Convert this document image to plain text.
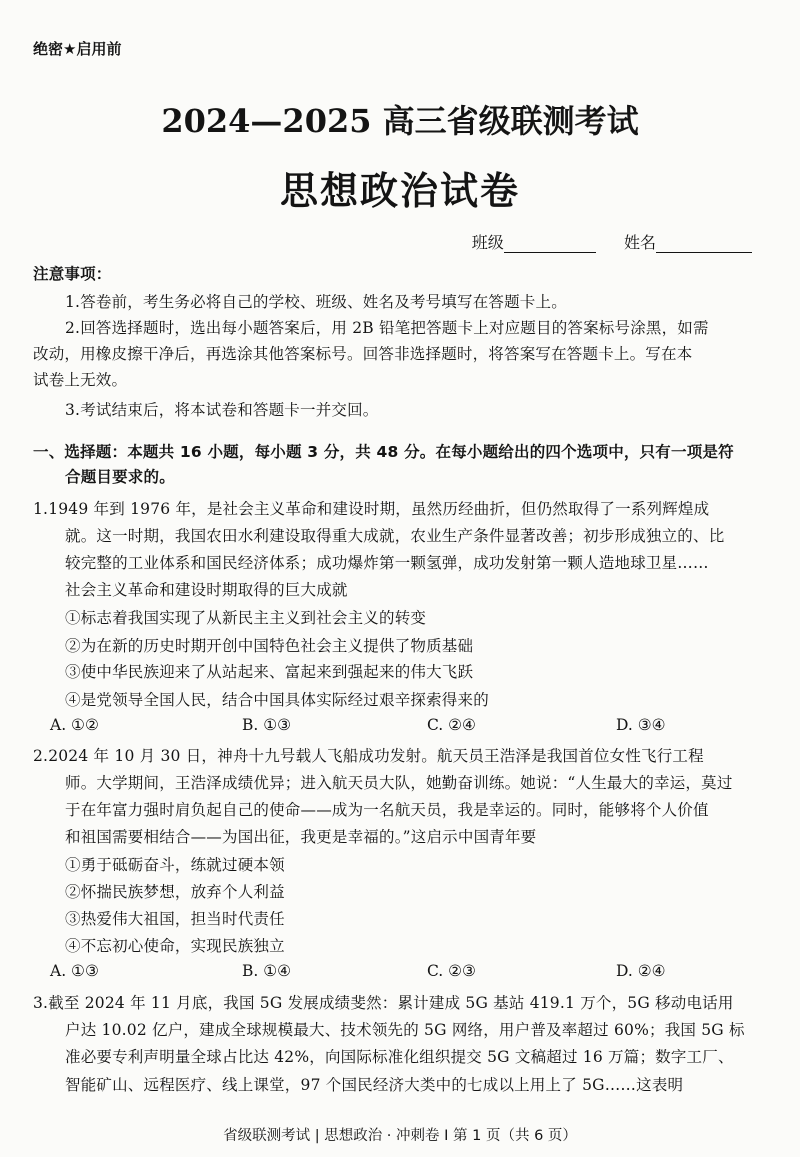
绝密★启用前
2024—2025 高三省级联测考试
思想政治试卷
班级	姓名
注意事项：
1.答卷前，考生务必将自己的学校、班级、姓名及考号填写在答题卡上。
2.回答选择题时，选出每小题答案后，用 2B 铅笔把答题卡上对应题目的答案标号涂黑，如需
改动，用橡皮擦干净后，再选涂其他答案标号。回答非选择题时，将答案写在答题卡上。写在本
试卷上无效。
3.考试结束后，将本试卷和答题卡一并交回。
一、选择题：本题共 16 小题，每小题 3 分，共 48 分。在每小题给出的四个选项中，只有一项是符
合题目要求的。
1.1949 年到 1976 年，是社会主义革命和建设时期，虽然历经曲折，但仍然取得了一系列辉煌成
就。这一时期，我国农田水利建设取得重大成就，农业生产条件显著改善；初步形成独立的、比
较完整的工业体系和国民经济体系；成功爆炸第一颗氢弹，成功发射第一颗人造地球卫星……
社会主义革命和建设时期取得的巨大成就
①标志着我国实现了从新民主主义到社会主义的转变
②为在新的历史时期开创中国特色社会主义提供了物质基础
③使中华民族迎来了从站起来、富起来到强起来的伟大飞跃
④是党领导全国人民，结合中国具体实际经过艰辛探索得来的
A. ①②	B. ①③	C. ②④	D. ③④
2.2024 年 10 月 30 日，神舟十九号载人飞船成功发射。航天员王浩泽是我国首位女性飞行工程
师。大学期间，王浩泽成绩优异；进入航天员大队，她勤奋训练。她说：“人生最大的幸运，莫过
于在年富力强时肩负起自己的使命——成为一名航天员，我是幸运的。同时，能够将个人价值
和祖国需要相结合——为国出征，我更是幸福的。”这启示中国青年要
①勇于砥砺奋斗，练就过硬本领
②怀揣民族梦想，放弃个人利益
③热爱伟大祖国，担当时代责任
④不忘初心使命，实现民族独立
A. ①③	B. ①④	C. ②③	D. ②④
3.截至 2024 年 11 月底，我国 5G 发展成绩斐然：累计建成 5G 基站 419.1 万个，5G 移动电话用
户达 10.02 亿户，建成全球规模最大、技术领先的 5G 网络，用户普及率超过 60%；我国 5G 标
准必要专利声明量全球占比达 42%，向国际标准化组织提交 5G 文稿超过 16 万篇；数字工厂、
智能矿山、远程医疗、线上课堂，97 个国民经济大类中的七成以上用上了 5G……这表明
省级联测考试 | 思想政治 · 冲刺卷 Ⅰ 第 1 页（共 6 页）
